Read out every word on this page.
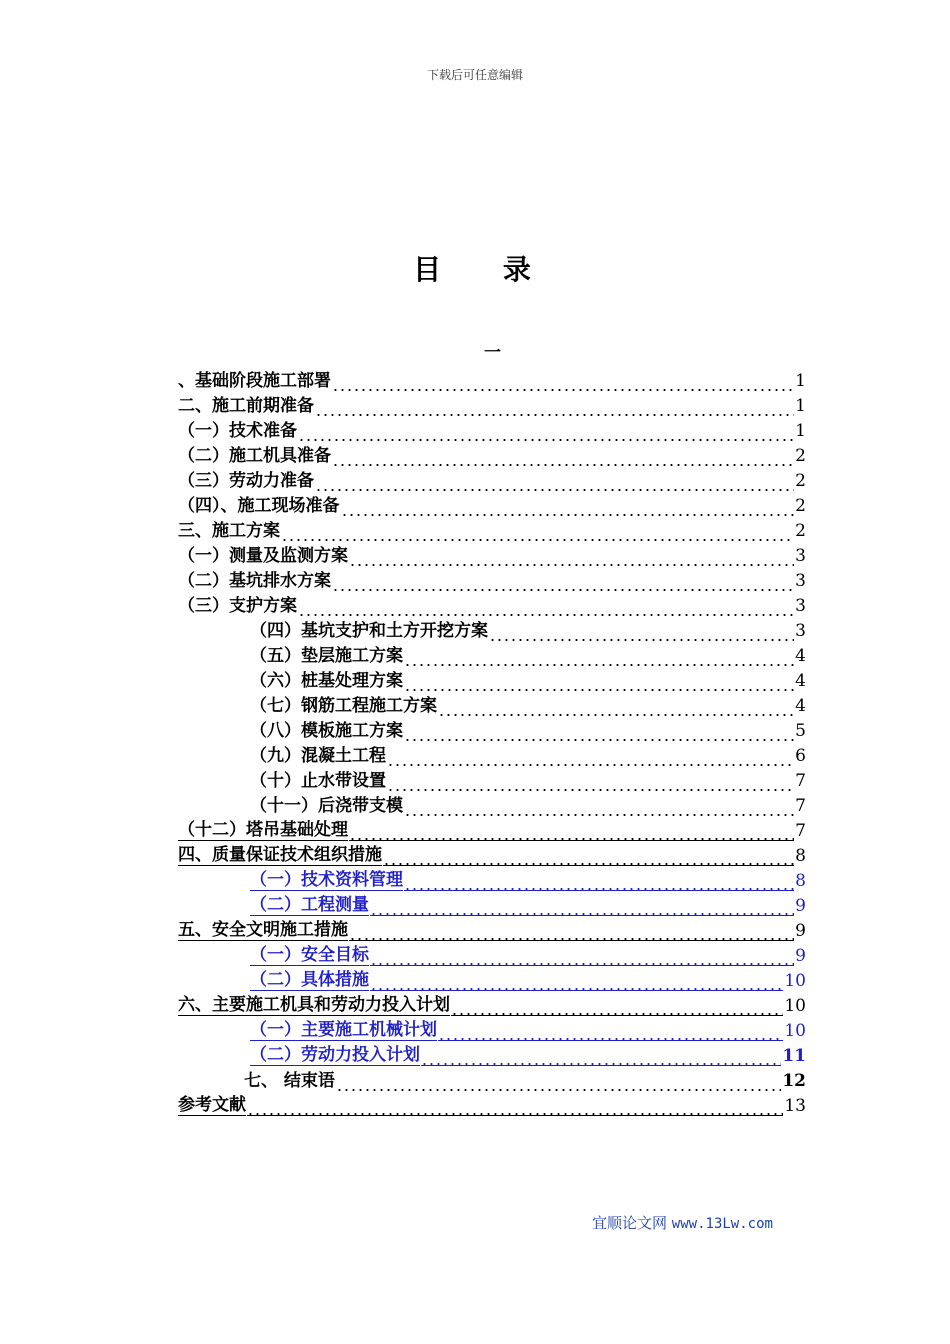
下载后可任意编辑
目 录
一
、基础阶段施工部署	1
二、施工前期准备	1
（一）技术准备	1
（二）施工机具准备	2
（三）劳动力准备	2
（四）、施工现场准备	2
三、施工方案	2
（一）测量及监测方案	3
（二）基坑排水方案	3
（三）支护方案	3
（四）基坑支护和土方开挖方案	3
（五）垫层施工方案	4
（六）桩基处理方案	4
（七）钢筋工程施工方案	4
（八）模板施工方案	5
（九）混凝土工程	6
（十）止水带设置	7
（十一）后浇带支模	7
（十二）塔吊基础处理	7
四、质量保证技术组织措施	8
（一）技术资料管理	8
（二）工程测量	9
五、安全文明施工措施	9
（一）安全目标	9
（二）具体措施	10
六、主要施工机具和劳动力投入计划	10
（一）主要施工机械计划	10
（二）劳动力投入计划	11
七、 结束语	12
参考文献	13
宜顺论文网 www.13Lw.com
